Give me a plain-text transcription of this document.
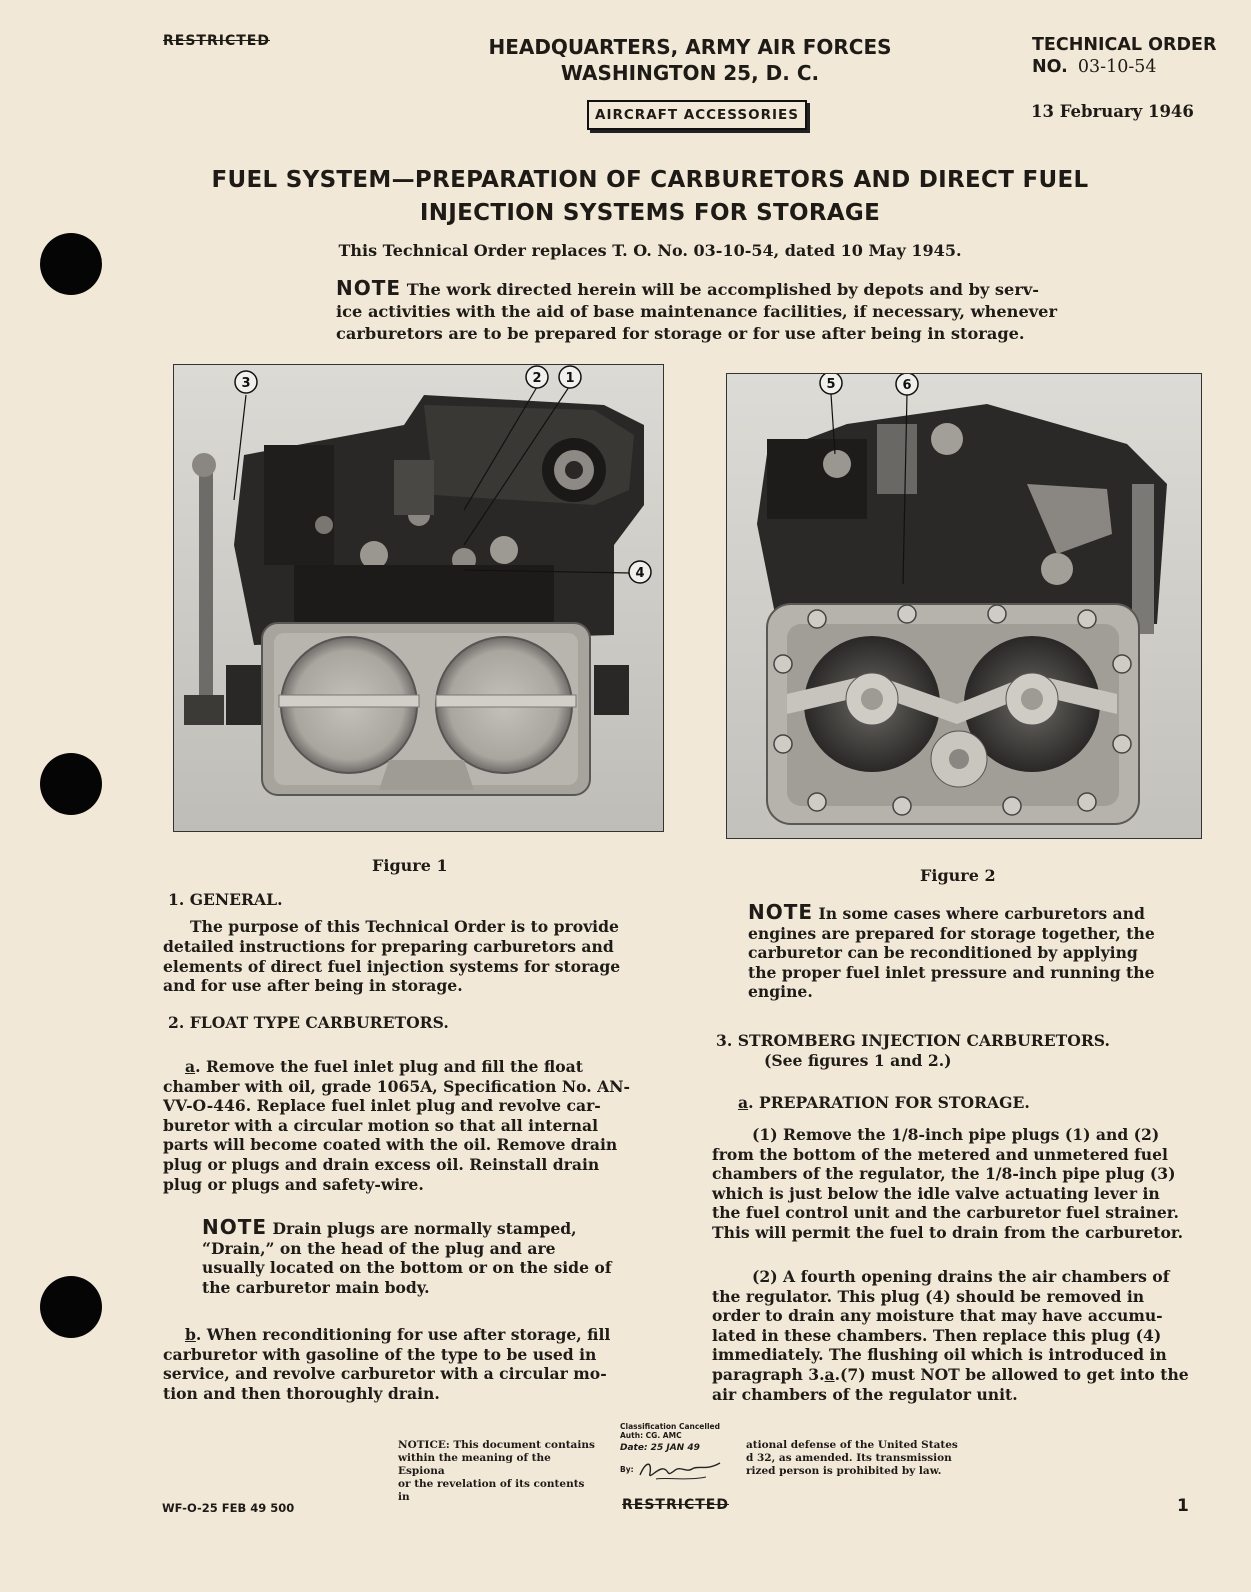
RESTRICTED	HEADQUARTERS, ARMY AIR FORCES
WASHINGTON 25, D. C.
AIRCRAFT ACCESSORIES
TECHNICAL ORDER
NO. 03-10-54
13 February 1946
FUEL SYSTEM—PREPARATION OF CARBURETORS AND DIRECT FUEL
INJECTION SYSTEMS FOR STORAGE
This Technical Order replaces T. O. No. 03-10-54, dated 10 May 1945.

NOTE The work directed herein will be accomplished by depots and by serv-

ice activities with the aid of base maintenance facilities, if necessary, whenever

carburetors are to be prepared for storage or for use after being in storage.

3	2 1
4
Figure 1
5	6
Figure 2
1. GENERAL.

The purpose of this Technical Order is to provide

detailed instructions for preparing carburetors and

elements of direct fuel injection systems for storage

and for use after being in storage.

2. FLOAT TYPE CARBURETORS.

a. Remove the fuel inlet plug and fill the float

chamber with oil, grade 1065A, Specification No. AN-

VV-O-446. Replace fuel inlet plug and revolve car-

buretor with a circular motion so that all internal

parts will become coated with the oil. Remove drain

plug or plugs and drain excess oil. Reinstall drain

plug or plugs and safety-wire.

NOTE Drain plugs are normally stamped,

“Drain,” on the head of the plug and are

usually located on the bottom or on the side of

the carburetor main body.

b. When reconditioning for use after storage, fill

carburetor with gasoline of the type to be used in

service, and revolve carburetor with a circular mo-

tion and then thoroughly drain.

NOTE In some cases where carburetors and

engines are prepared for storage together, the

carburetor can be reconditioned by applying

the proper fuel inlet pressure and running the

engine.

3. STROMBERG INJECTION CARBURETORS.

(See figures 1 and 2.)

a. PREPARATION FOR STORAGE.

(1) Remove the 1/8-inch pipe plugs (1) and (2)

from the bottom of the metered and unmetered fuel

chambers of the regulator, the 1/8-inch pipe plug (3)

which is just below the idle valve actuating lever in

the fuel control unit and the carburetor fuel strainer.

This will permit the fuel to drain from the carburetor.

(2) A fourth opening drains the air chambers of

the regulator. This plug (4) should be removed in

order to drain any moisture that may have accumu-

lated in these chambers. Then replace this plug (4)

immediately. The flushing oil which is introduced in

paragraph 3.a.(7) must NOT be allowed to get into the

air chambers of the regulator unit.

NOTICE: This document contains
within the meaning of the Espiona
or the revelation of its contents in
Classification Cancelled
Auth: CG. AMC
Date: 25 JAN 49
By:
ational defense of the United States
d 32, as amended. Its transmission
rized person is prohibited by law.
WF-O-25 FEB 49 500	RESTRICTED	1
